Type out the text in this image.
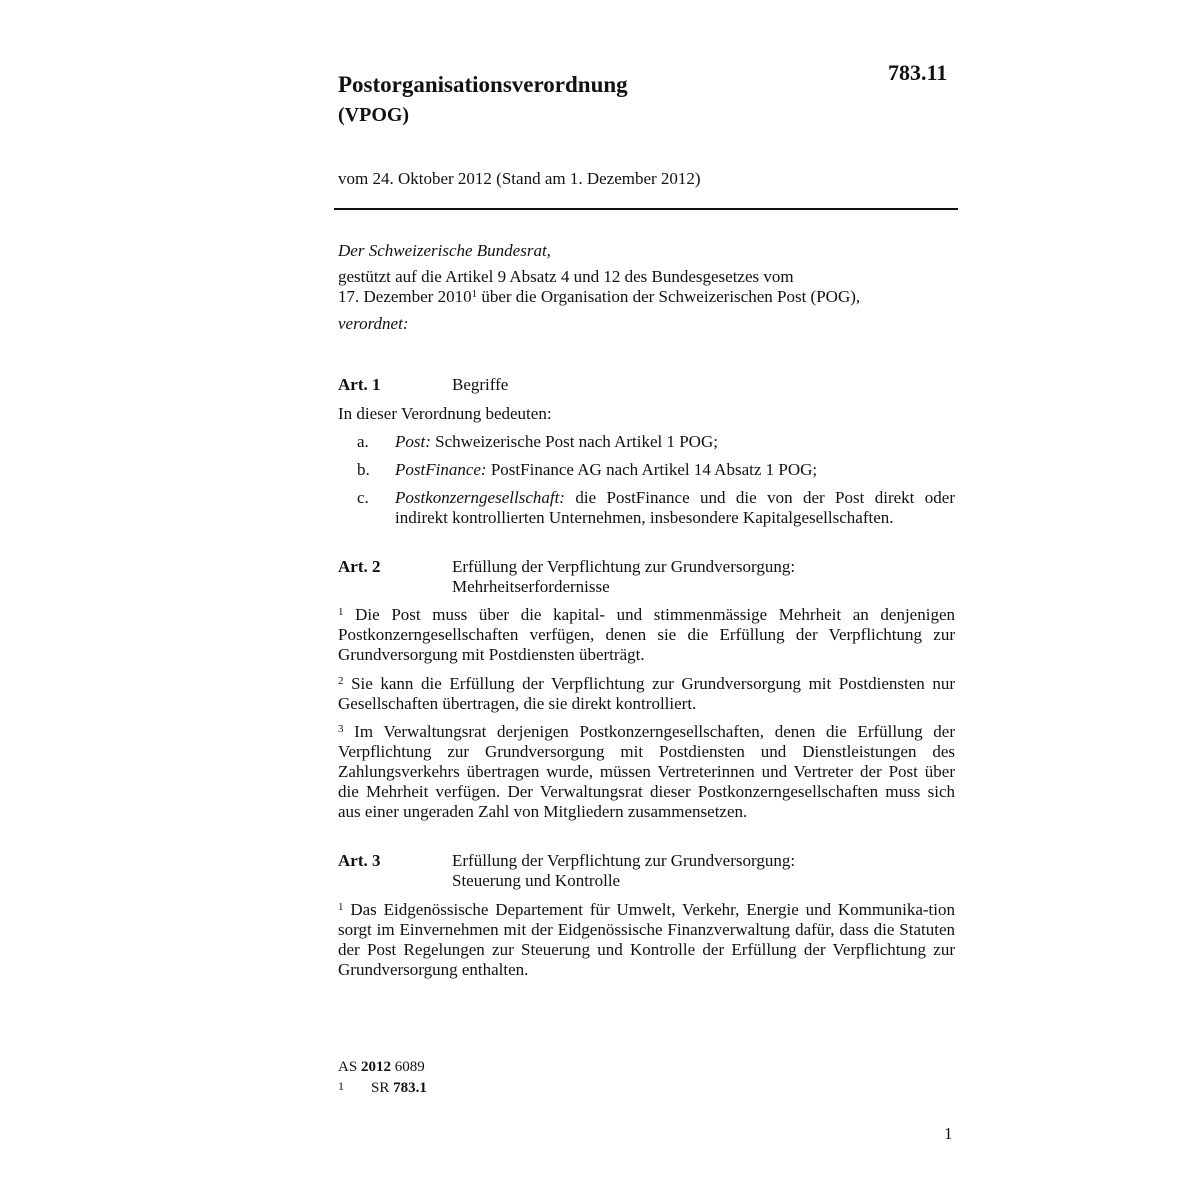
783.11
Postorganisationsverordnung
(VPOG)
vom 24. Oktober 2012 (Stand am 1. Dezember 2012)
Der Schweizerische Bundesrat,
gestützt auf die Artikel 9 Absatz 4 und 12 des Bundesgesetzes vom
17. Dezember 2010$^1$ über die Organisation der Schweizerischen Post (POG),
verordnet:
Art. 1	Begriffe
In dieser Verordnung bedeuten:
a. Post: Schweizerische Post nach Artikel 1 POG;
b. PostFinance: PostFinance AG nach Artikel 14 Absatz 1 POG;
c. Postkonzerngesellschaft: die PostFinance und die von der Post direkt oder indirekt kontrollierten Unternehmen, insbesondere Kapitalgesellschaften.
Art. 2	Erfüllung der Verpflichtung zur Grundversorgung:
Mehrheitserfordernisse
$^1$ Die Post muss über die kapital- und stimmenmässige Mehrheit an denjenigen Postkonzerngesellschaften verfügen, denen sie die Erfüllung der Verpflichtung zur Grundversorgung mit Postdiensten überträgt.
$^2$ Sie kann die Erfüllung der Verpflichtung zur Grundversorgung mit Postdiensten nur Gesellschaften übertragen, die sie direkt kontrolliert.
$^3$ Im Verwaltungsrat derjenigen Postkonzerngesellschaften, denen die Erfüllung der Verpflichtung zur Grundversorgung mit Postdiensten und Dienstleistungen des Zahlungsverkehrs übertragen wurde, müssen Vertreterinnen und Vertreter der Post über die Mehrheit verfügen. Der Verwaltungsrat dieser Postkonzerngesellschaften muss sich aus einer ungeraden Zahl von Mitgliedern zusammensetzen.
Art. 3	Erfüllung der Verpflichtung zur Grundversorgung:
Steuerung und Kontrolle
$^1$ Das Eidgenössische Departement für Umwelt, Verkehr, Energie und Kommunika-tion sorgt im Einvernehmen mit der Eidgenössische Finanzverwaltung dafür, dass die Statuten der Post Regelungen zur Steuerung und Kontrolle der Erfüllung der Verpflichtung zur Grundversorgung enthalten.
AS 2012 6089
1 SR 783.1
1
